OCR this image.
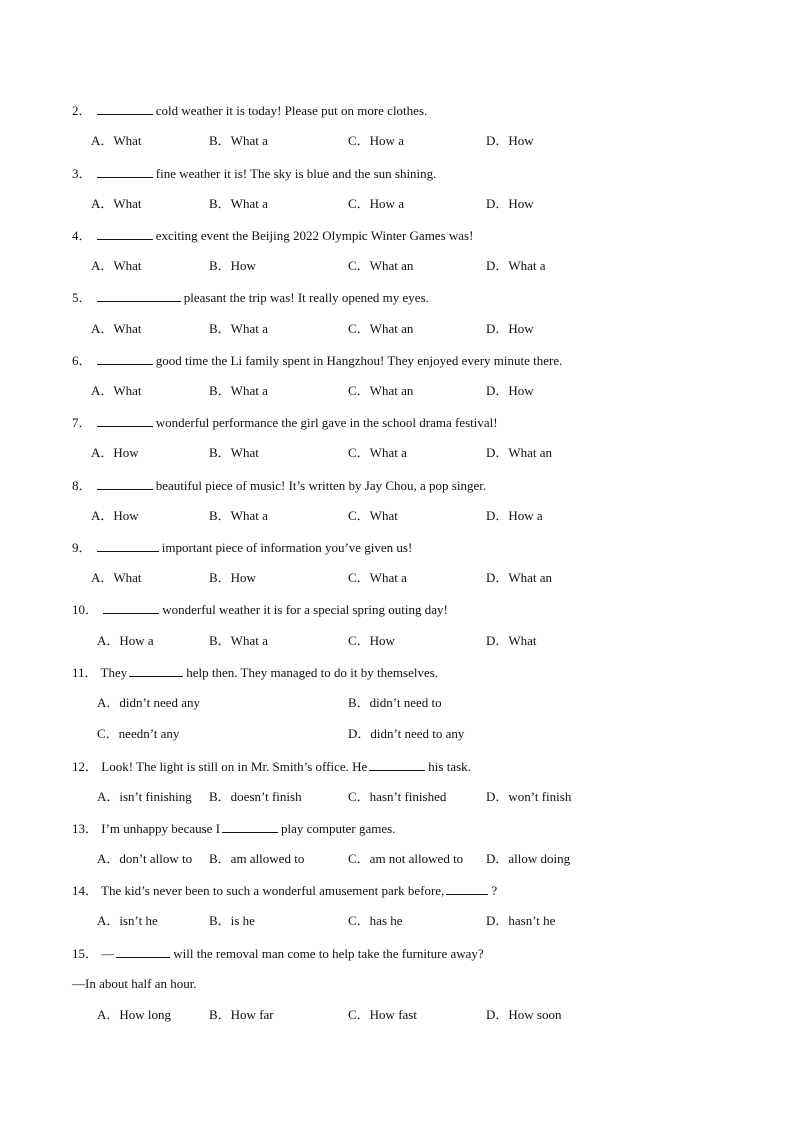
2．	cold weather it is today! Please put on more clothes.
A．What	B．What a	C．How a	D．How
3．	fine weather it is! The sky is blue and the sun shining.
A．What	B．What a	C．How a	D．How
4．	exciting event the Beijing 2022 Olympic Winter Games was!
A．What	B．How	C．What an	D．What a
5．	pleasant the trip was! It really opened my eyes.
A．What	B．What a	C．What an	D．How
6．	good time the Li family spent in Hangzhou! They enjoyed every minute there.
A．What	B．What a	C．What an	D．How
7．	wonderful performance the girl gave in the school drama festival!
A．How	B．What	C．What a	D．What an
8．	beautiful piece of music! It’s written by Jay Chou, a pop singer.
A．How	B．What a	C．What	D．How a
9．	important piece of information you’ve given us!
A．What	B．How	C．What a	D．What an
10．	wonderful weather it is for a special spring outing day!
A．How a	B．What a	C．How	D．What
11． They	help then. They managed to do it by themselves.
A．didn’t need any	B．didn’t need to
C．needn’t any	D．didn’t need to any
12． Look! The light is still on in Mr. Smith’s office. He	his task.
A．isn’t finishing B．doesn’t finish	C．hasn’t finished	D．won’t finish
13． I’m unhappy because I	play computer games.
A．don’t allow to B．am allowed to	C．am not allowed to D．allow doing
14． The kid’s never been to such a wonderful amusement park before,	?
A．isn’t he	B．is he	C．has he	D．hasn’t he
15． —	will the removal man come to help take the furniture away?
—In about half an hour.
A．How long	B．How far	C．How fast	D．How soon
